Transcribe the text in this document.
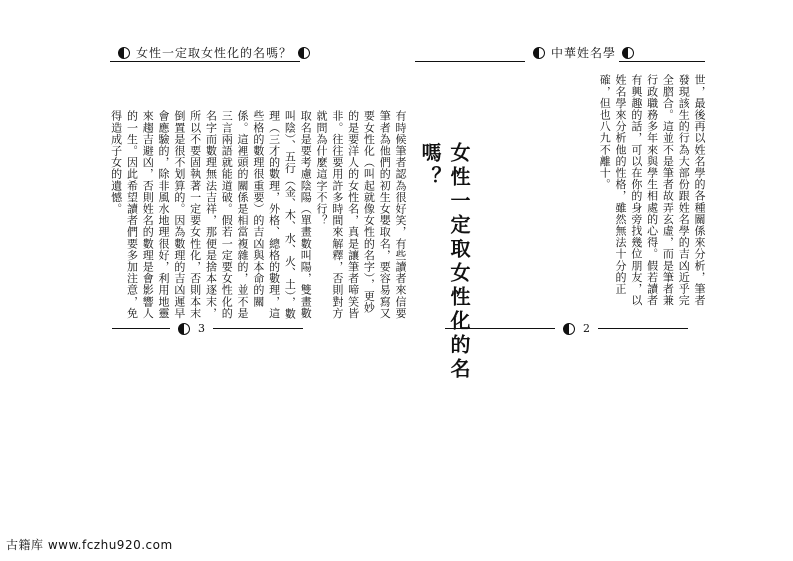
女性一定取女性化的名嗎？
女性一定取女性化的名嗎？
有時候筆者認為很好笑，有些讀者來信要筆者為他們的初生女嬰取名，要容易寫又要女性化（叫起就像女性的名字），更妙的是要洋人的女性名，真是讓筆者啼笑皆非。往往要用許多時間來解釋，否則對方就問為什麼這字不行？
取名是要考慮陰陽（單畫數叫陽，雙畫數叫陰）、五行（金、木、水、火、土），數理（三才的數理，外格、總格的數理，這些格的數理很重要）的吉凶與本命的關係。這裡頭的關係是相當複雜的，並不是三言兩語就能道破。假若一定要女性化的名字而數理無法吉祥，那便是捨本逐末，所以不要固執著一定要女性化，否則本末倒置是很不划算的。因為數理的吉凶遲早會應驗的，除非風水地理很好，利用地靈來趨吉避凶，否則姓名的數理是會影響人的一生。因此希望讀者們要多加注意，免得造成子女的遺憾。
3
中華姓名學
世，最後再以姓名學的各種關係來分析，筆者發現該生的行為大部份跟姓名學的吉凶近乎完全脗合。這並不是筆者故弄玄虛，而是筆者兼行政職務多年來與學生相處的心得。假若讀者有興趣的話，可以在你的身旁找幾位朋友，以姓名學來分析他的性格，雖然無法十分的正確，但也八九不離十。
2
古籍库 www.fczhu920.com
